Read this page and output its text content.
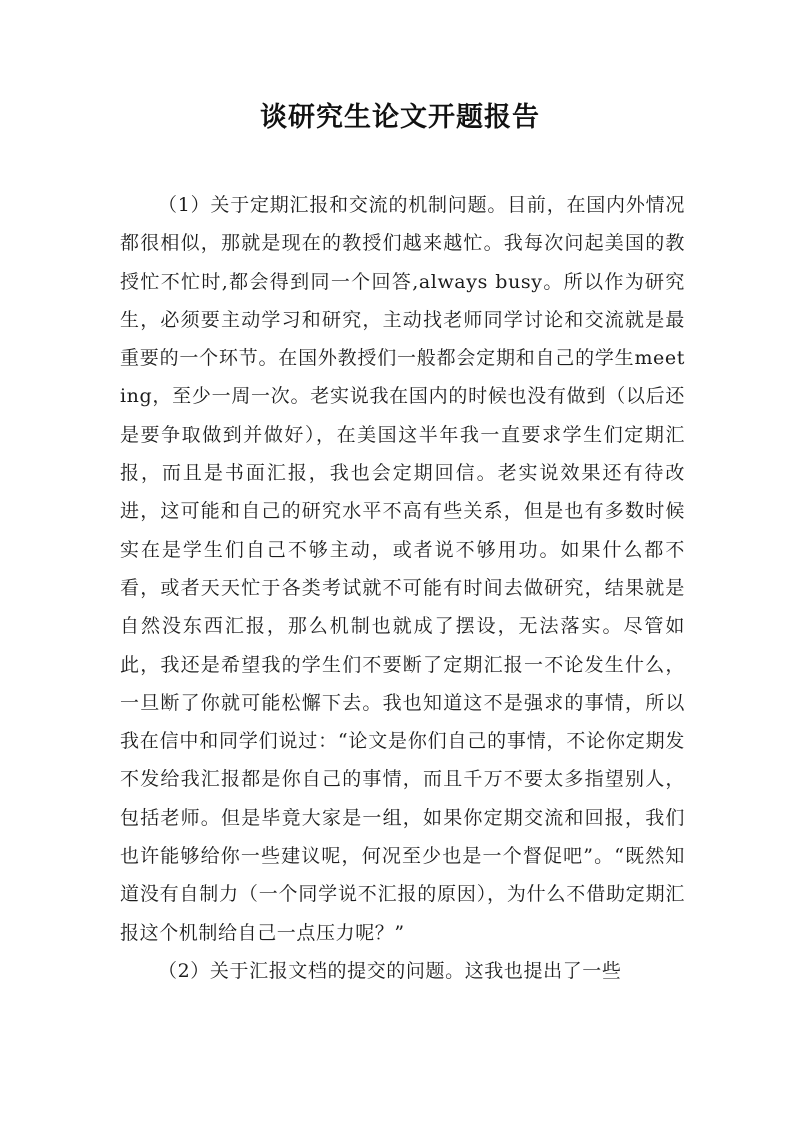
谈研究生论文开题报告

（1）关于定期汇报和交流的机制问题。目前，在国内外情况都很相似，那就是现在的教授们越来越忙。我每次问起美国的教授忙不忙时,都会得到同一个回答,always busy。所以作为研究生，必须要主动学习和研究，主动找老师同学讨论和交流就是最重要的一个环节。在国外教授们一般都会定期和自己的学生meeting，至少一周一次。老实说我在国内的时候也没有做到（以后还是要争取做到并做好），在美国这半年我一直要求学生们定期汇报，而且是书面汇报，我也会定期回信。老实说效果还有待改进，这可能和自己的研究水平不高有些关系，但是也有多数时候实在是学生们自己不够主动，或者说不够用功。如果什么都不看，或者天天忙于各类考试就不可能有时间去做研究，结果就是自然没东西汇报，那么机制也就成了摆设，无法落实。尽管如此，我还是希望我的学生们不要断了定期汇报一不论发生什么，一旦断了你就可能松懈下去。我也知道这不是强求的事情，所以我在信中和同学们说过：“论文是你们自己的事情，不论你定期发不发给我汇报都是你自己的事情，而且千万不要太多指望别人，包括老师。但是毕竟大家是一组，如果你定期交流和回报，我们也许能够给你一些建议呢，何况至少也是一个督促吧”。“既然知道没有自制力（一个同学说不汇报的原因），为什么不借助定期汇报这个机制给自己一点压力呢？”

（2）关于汇报文档的提交的问题。这我也提出了一些
